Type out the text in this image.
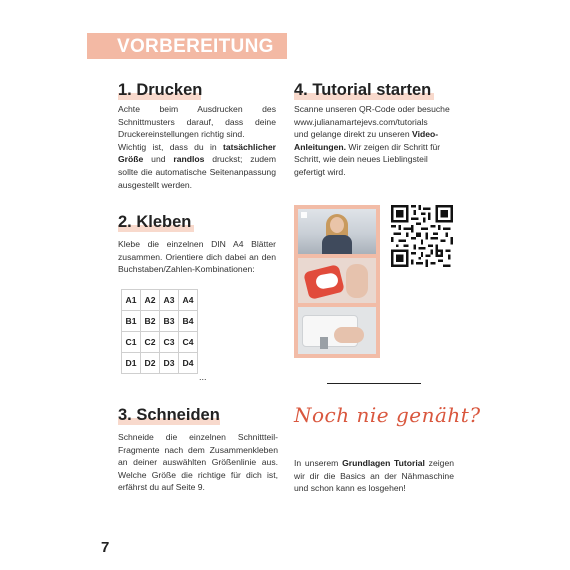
VORBEREITUNG
1. Drucken

Achte beim Ausdrucken des Schnittmusters darauf, dass deine Druckereinstellungen richtig sind.

Wichtig ist, dass du in tatsächlicher Größe und randlos druckst; zudem sollte die automatische Seitenanpassung ausgestellt werden.

2. Kleben
Klebe die einzelnen DIN A4 Blätter zusammen. Orientiere dich dabei an den Buchstaben/Zahlen-Kombinationen:
A1	A2	A3	A4
B1	B2	B3	B4
C1	C2	C3	C4
D1	D2	D3	D4
...
3. Schneiden
Schneide die einzelnen Schnittteil-Fragmente nach dem Zusammenkleben an deiner auswählten Größenlinie aus. Welche Größe die richtige für dich ist, erfährst du auf Seite 9.
4. Tutorial starten
Scanne unseren QR-Code oder besuche
www.julianamartejevs.com/tutorials
und gelange direkt zu unseren Video-Anleitungen. Wir zeigen dir Schritt für Schritt, wie dein neues Lieblingsteil gefertigt wird.
Noch nie genäht?
In unserem Grundlagen Tutorial zeigen wir dir die Basics an der Nähmaschine und schon kann es losgehen!
7
